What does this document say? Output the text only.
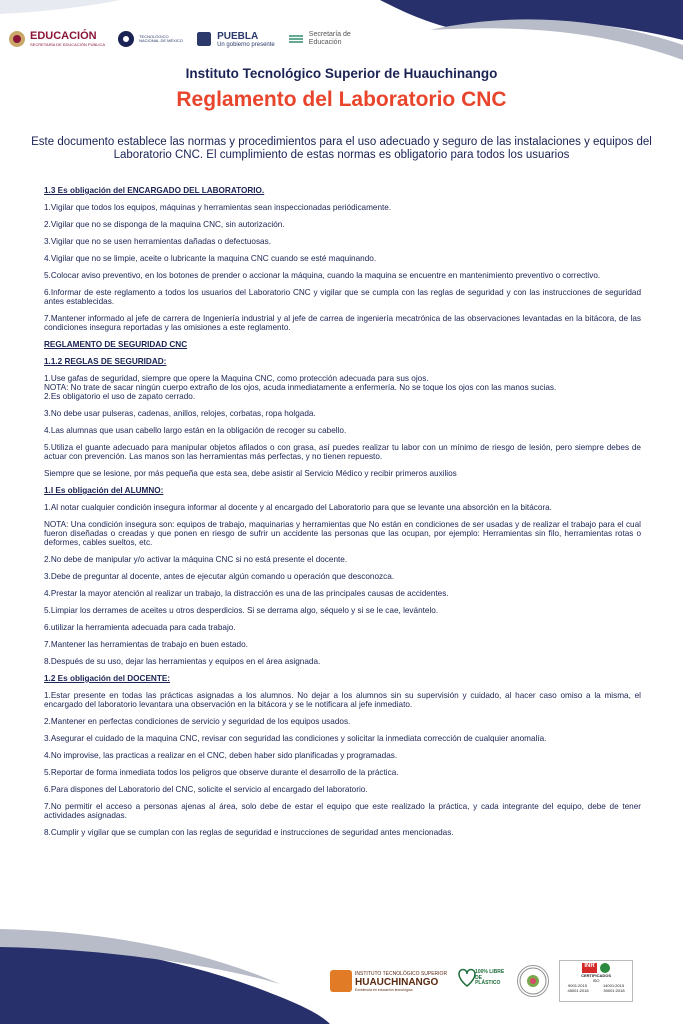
EDUCACIÓN
SECRETARÍA DE EDUCACIÓN PÚBLICA
TECNOLÓGICO NACIONAL DE MÉXICO	PUEBLA
Un gobierno presente
Secretaría de Educación
Instituto Tecnológico Superior de Huauchinango
Reglamento del Laboratorio CNC
Este documento establece las normas y procedimientos para el uso adecuado y seguro de las instalaciones y equipos del Laboratorio CNC. El cumplimiento de estas normas es obligatorio para todos los usuarios

1.3 Es obligación del ENCARGADO DEL LABORATORIO.

1.Vigilar que todos los equipos, máquinas y herramientas sean inspeccionadas periódicamente.

2.Vigilar que no se disponga de la maquina CNC, sin autorización.

3.Vigilar que no se usen herramientas dañadas o defectuosas.

4.Vigilar que no se limpie, aceite o lubricante la maquina CNC cuando se esté maquinando.

5.Colocar aviso preventivo, en los botones de prender o accionar la máquina, cuando la maquina se encuentre en mantenimiento preventivo o correctivo.

6.Informar de este reglamento a todos los usuarios del Laboratorio CNC y vigilar que se cumpla con las reglas de seguridad y con las instrucciones de seguridad antes establecidas.

7.Mantener informado al jefe de carrera de Ingeniería industrial y al jefe de carrea de ingeniería mecatrónica de las observaciones levantadas en la bitácora, de las condiciones insegura reportadas y las omisiones a este reglamento.

REGLAMENTO DE SEGURIDAD CNC

1.1.2 REGLAS DE SEGURIDAD:

1.Use gafas de seguridad, siempre que opere la Maquina CNC, como protección adecuada para sus ojos.

NOTA: No trate de sacar ningún cuerpo extraño de los ojos, acuda inmediatamente a enfermería. No se toque los ojos con las manos sucias.

2.Es obligatorio el uso de zapato cerrado.

3.No debe usar pulseras, cadenas, anillos, relojes, corbatas, ropa holgada.

4.Las alumnas que usan cabello largo están en la obligación de recoger su cabello.

5.Utiliza el guante adecuado para manipular objetos afilados o con grasa, así puedes realizar tu labor con un mínimo de riesgo de lesión, pero siempre debes de actuar con prevención. Las manos son las herramientas más perfectas, y no tienen repuesto.

Siempre que se lesione, por más pequeña que esta sea, debe asistir al Servicio Médico y recibir primeros auxilios

1.I Es obligación del ALUMNO:

1.Al notar cualquier condición insegura informar al docente y al encargado del Laboratorio para que se levante una absorción en la bitácora.

NOTA: Una condición insegura son: equipos de trabajo, maquinarias y herramientas que No están en condiciones de ser usadas y de realizar el trabajo para el cual fueron diseñadas o creadas y que ponen en riesgo de sufrir un accidente las personas que las ocupan, por ejemplo: Herramientas sin filo, herramientas rotas o deformes, cables sueltos, etc.

2.No debe de manipular y/o activar la máquina CNC si no está presente el docente.

3.Debe de preguntar al docente, antes de ejecutar algún comando u operación que desconozca.

4.Prestar la mayor atención al realizar un trabajo, la distracción es una de las principales causas de accidentes.

5.Limpiar los derrames de aceites u otros desperdicios. Si se derrama algo, séquelo y si se le cae, levántelo.

6.utilizar la herramienta adecuada para cada trabajo.

7.Mantener las herramientas de trabajo en buen estado.

8.Después de su uso, dejar las herramientas y equipos en el área asignada.

1.2 Es obligación del DOCENTE:

1.Estar presente en todas las prácticas asignadas a los alumnos. No dejar a los alumnos sin su supervisión y cuidado, al hacer caso omiso a la misma, el encargado del laboratorio levantara una observación en la bitácora y se le notificara al jefe inmediato.

2.Mantener en perfectas condiciones de servicio y seguridad de los equipos usados.

3.Asegurar el cuidado de la maquina CNC, revisar con seguridad las condiciones y solicitar la inmediata corrección de cualquier anomalía.

4.No improvise, las practicas a realizar en el CNC, deben haber sido planificadas y programadas.

5.Reportar de forma inmediata todos los peligros que observe durante el desarrollo de la práctica.

6.Para dispones del Laboratorio del CNC, solicite el servicio al encargado del laboratorio.

7.No permitir el acceso a personas ajenas al área, solo debe de estar el equipo que este realizado la práctica, y cada integrante del equipo, debe de tener actividades asignadas.

8.Cumplir y vigilar que se cumplan con las reglas de seguridad e instrucciones de seguridad antes mencionadas.

INSTITUTO TECNOLÓGICO SUPERIOR
HUAUCHINANGO
Excelencia en educación tecnológica
100% LIBRE DE PLÁSTICO
INR
CERTIFICADOS
ISO
9001:2015	14001:2015
45001:2018	50001:2018
